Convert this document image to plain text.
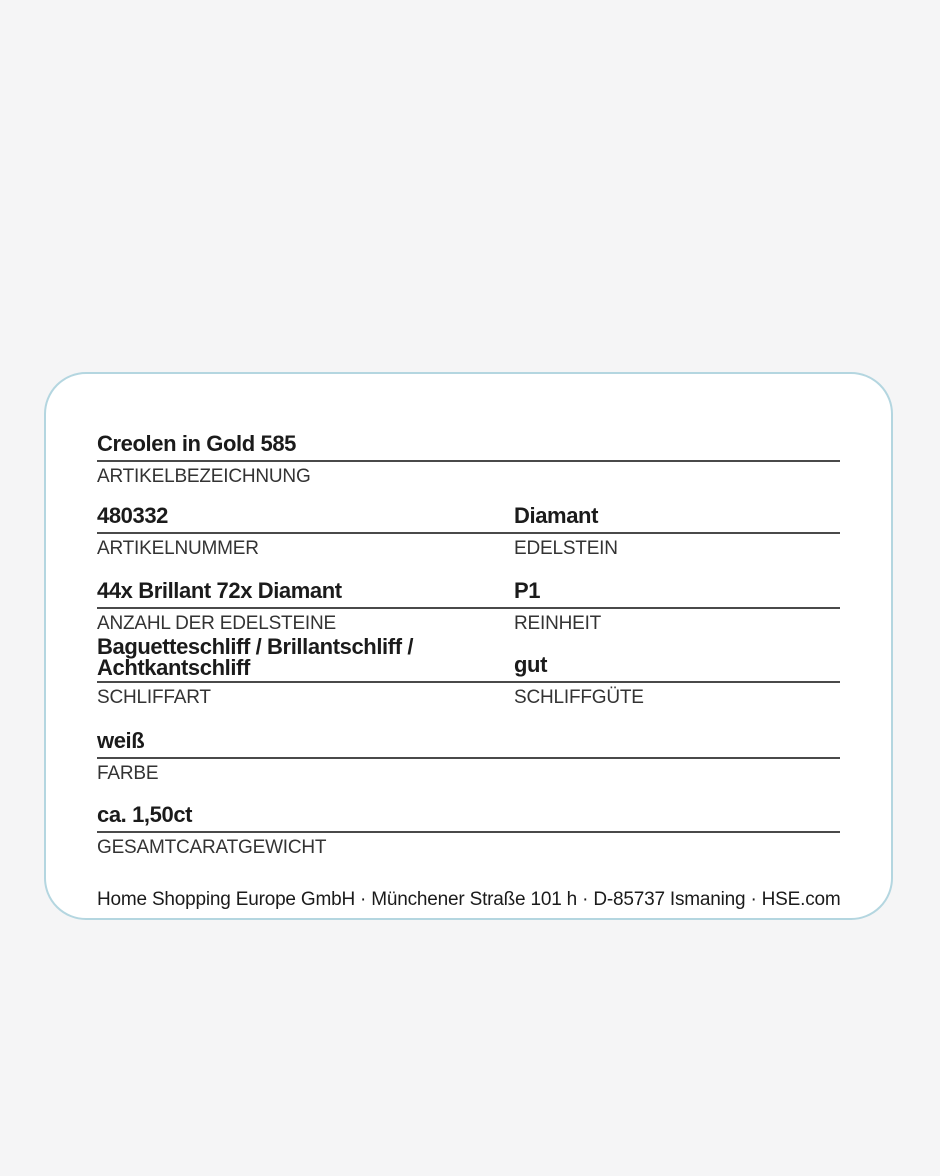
Creolen in Gold 585
ARTIKELBEZEICHNUNG
480332	Diamant
ARTIKELNUMMER	EDELSTEIN
44x Brillant 72x Diamant	P1
ANZAHL DER EDELSTEINE	REINHEIT
Baguetteschliff / Brillantschliff /
Achtkantschliff	gut
SCHLIFFART	SCHLIFFGÜTE
weiß
FARBE
ca. 1,50ct
GESAMTCARATGEWICHT
Home Shopping Europe GmbH · Münchener Straße 101 h · D-85737 Ismaning · HSE.com
